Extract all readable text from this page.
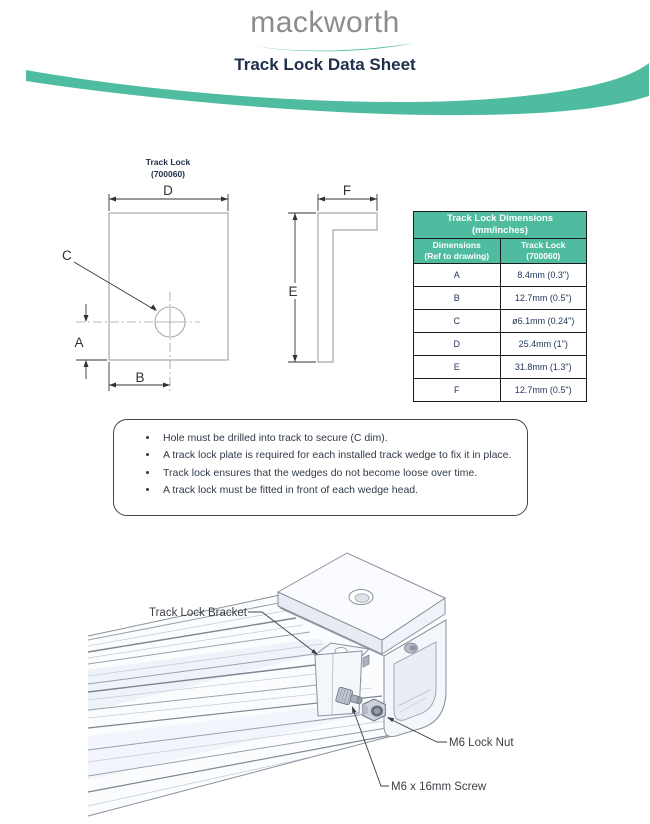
mackworth
Track Lock Data Sheet
Track Lock
(700060)
D
C
A
B
F
E
Track Lock Dimensions
(mm/inches)	

Dimensions
(Ref to drawing)

Track Lock
(700060)

A	8.4mm (0.3")
B	12.7mm (0.5")
C	ø6.1mm (0.24")
D	25.4mm (1")
E	31.8mm (1.3")
F	12.7mm (0.5")
• Hole must be drilled into track to secure (C dim).
• A track lock plate is required for each installed track wedge to fix it in place.
• Track lock ensures that the wedges do not become loose over time.
• A track lock must be fitted in front of each wedge head.
Track Lock Bracket
M6 Lock Nut
M6 x 16mm Screw
